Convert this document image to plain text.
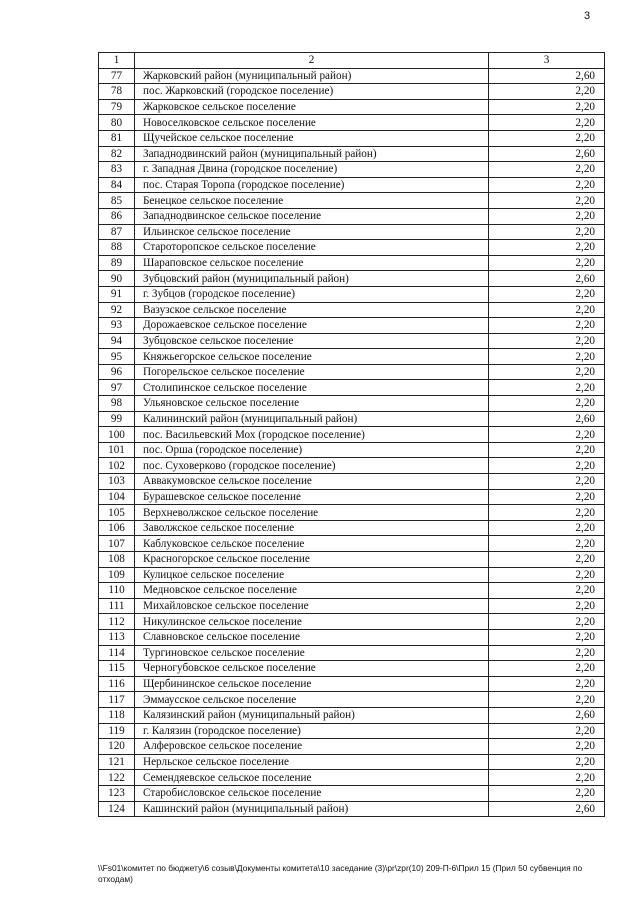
3
1	2	3
77	Жарковский район (муниципальный район)	2,60
78	пос. Жарковский (городское поселение)	2,20
79	Жарковское сельское поселение	2,20
80	Новоселковское сельское поселение	2,20
81	Щучейское сельское поселение	2,20
82	Западнодвинский район (муниципальный район)	2,60
83	г. Западная Двина (городское поселение)	2,20
84	пос. Старая Торопа (городское поселение)	2,20
85	Бенецкое сельское поселение	2,20
86	Западнодвинское сельское поселение	2,20
87	Ильинское сельское поселение	2,20
88	Староторопское сельское поселение	2,20
89	Шараповское сельское поселение	2,20
90	Зубцовский район (муниципальный район)	2,60
91	г. Зубцов (городское поселение)	2,20
92	Вазузское сельское поселение	2,20
93	Дорожаевское сельское поселение	2,20
94	Зубцовское сельское поселение	2,20
95	Княжьегорское сельское поселение	2,20
96	Погорельское сельское поселение	2,20
97	Столипинское сельское поселение	2,20
98	Ульяновское сельское поселение	2,20
99	Калининский район (муниципальный район)	2,60
100	пос. Васильевский Мох (городское поселение)	2,20
101	пос. Орша (городское поселение)	2,20
102	пос. Суховерково (городское поселение)	2,20
103	Аввакумовское сельское поселение	2,20
104	Бурашевское сельское поселение	2,20
105	Верхневолжское сельское поселение	2,20
106	Заволжское сельское поселение	2,20
107	Каблуковское сельское поселение	2,20
108	Красногорское сельское поселение	2,20
109	Кулицкое сельское поселение	2,20
110	Медновское сельское поселение	2,20
111	Михайловское сельское поселение	2,20
112	Никулинское сельское поселение	2,20
113	Славновское сельское поселение	2,20
114	Тургиновское сельское поселение	2,20
115	Черногубовское сельское поселение	2,20
116	Щербининское сельское поселение	2,20
117	Эммаусское сельское поселение	2,20
118	Калязинский район (муниципальный район)	2,60
119	г. Калязин (городское поселение)	2,20
120	Алферовское сельское поселение	2,20
121	Нерльское сельское поселение	2,20
122	Семендяевское сельское поселение	2,20
123	Старобисловское сельское поселение	2,20
124	Кашинский район (муниципальный район)	2,60
\\Fs01\комитет по бюджету\6 созыв\Документы комитета\10 заседание (3)\pr\zpr(10) 209-П-6\Прил 15 (Прил 50 субвенция по отходам)
